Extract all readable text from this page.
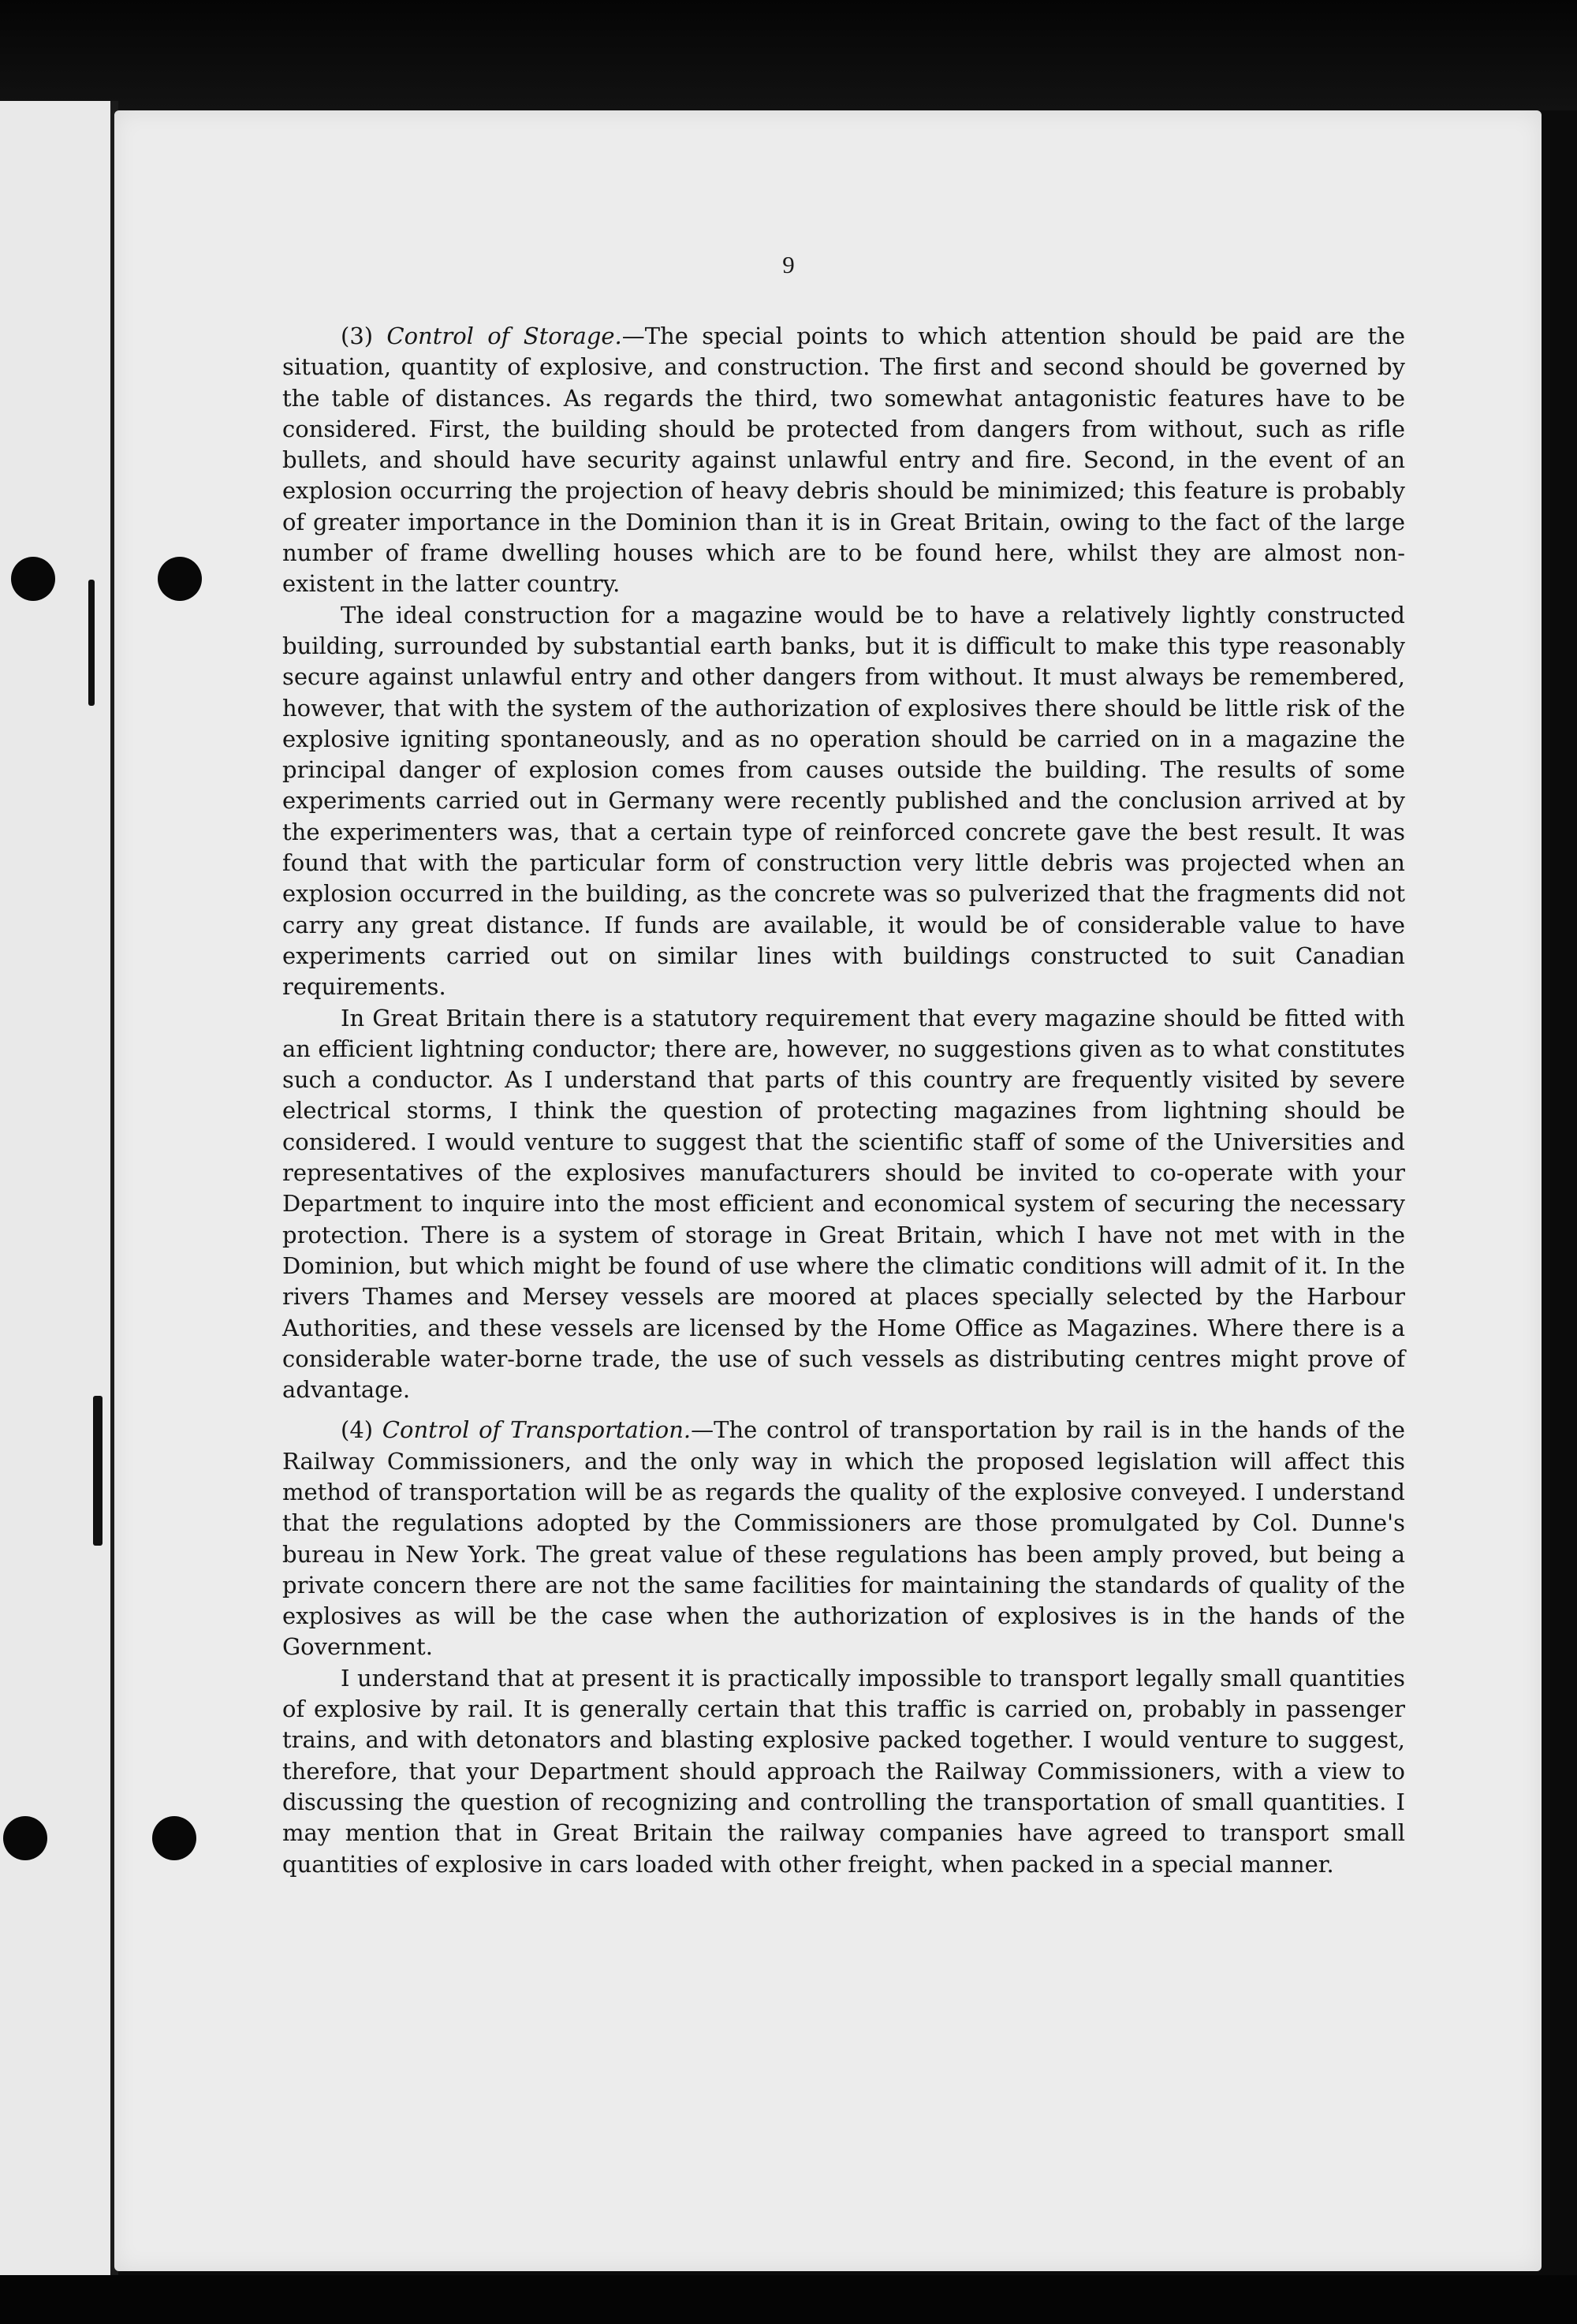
9

(3) Control of Storage.—The special points to which attention should be paid are the situation, quantity of explosive, and construction. The first and second should be governed by the table of distances. As regards the third, two somewhat antagonistic features have to be considered. First, the building should be protected from dangers from without, such as rifle bullets, and should have security against unlawful entry and fire. Second, in the event of an explosion occurring the projection of heavy debris should be minimized; this feature is probably of greater importance in the Dominion than it is in Great Britain, owing to the fact of the large number of frame dwelling houses which are to be found here, whilst they are almost non-existent in the latter country.

The ideal construction for a magazine would be to have a relatively lightly constructed building, surrounded by substantial earth banks, but it is difficult to make this type reasonably secure against unlawful entry and other dangers from without. It must always be remembered, however, that with the system of the authorization of explosives there should be little risk of the explosive igniting spontaneously, and as no operation should be carried on in a magazine the principal danger of explosion comes from causes outside the building. The results of some experiments carried out in Germany were recently published and the conclusion arrived at by the experimenters was, that a certain type of reinforced concrete gave the best result. It was found that with the particular form of construction very little debris was projected when an explosion occurred in the building, as the concrete was so pulverized that the fragments did not carry any great distance. If funds are available, it would be of considerable value to have experiments carried out on similar lines with buildings constructed to suit Canadian requirements.

In Great Britain there is a statutory requirement that every magazine should be fitted with an efficient lightning conductor; there are, however, no suggestions given as to what constitutes such a conductor. As I understand that parts of this country are frequently visited by severe electrical storms, I think the question of protecting magazines from lightning should be considered. I would venture to suggest that the scientific staff of some of the Universities and representatives of the explosives manufacturers should be invited to co-operate with your Department to inquire into the most efficient and economical system of securing the necessary protection. There is a system of storage in Great Britain, which I have not met with in the Dominion, but which might be found of use where the climatic conditions will admit of it. In the rivers Thames and Mersey vessels are moored at places specially selected by the Harbour Authorities, and these vessels are licensed by the Home Office as Magazines. Where there is a considerable water-borne trade, the use of such vessels as distributing centres might prove of advantage.

(4) Control of Transportation.—The control of transportation by rail is in the hands of the Railway Commissioners, and the only way in which the proposed legislation will affect this method of transportation will be as regards the quality of the explosive conveyed. I understand that the regulations adopted by the Commissioners are those promulgated by Col. Dunne's bureau in New York. The great value of these regulations has been amply proved, but being a private concern there are not the same facilities for maintaining the standards of quality of the explosives as will be the case when the authorization of explosives is in the hands of the Government.

I understand that at present it is practically impossible to transport legally small quantities of explosive by rail. It is generally certain that this traffic is carried on, probably in passenger trains, and with detonators and blasting explosive packed together. I would venture to suggest, therefore, that your Department should approach the Railway Commissioners, with a view to discussing the question of recognizing and controlling the transportation of small quantities. I may mention that in Great Britain the railway companies have agreed to transport small quantities of explosive in cars loaded with other freight, when packed in a special manner.
